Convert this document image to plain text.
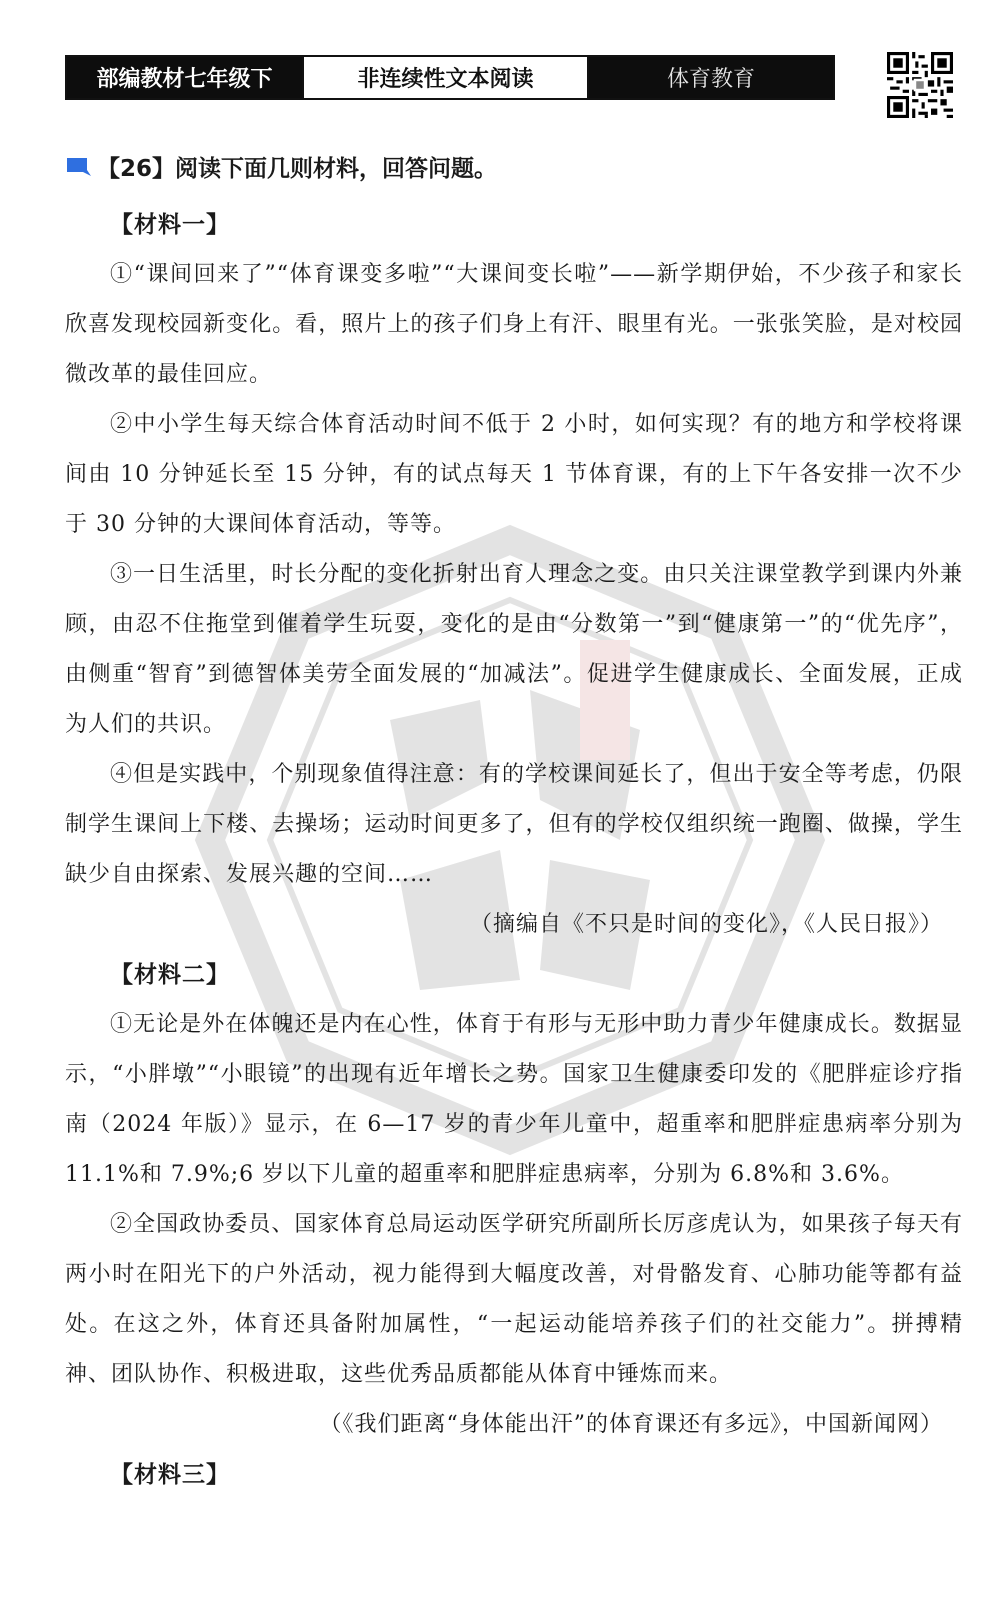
部编教材七年级下	非连续性文本阅读	体育教育
【26】阅读下面几则材料，回答问题。
【材料一】
①“课间回来了”“体育课变多啦”“大课间变长啦”——新学期伊始，不少孩子和家长欣喜发现校园新变化。看，照片上的孩子们身上有汗、眼里有光。一张张笑脸，是对校园微改革的最佳回应。
②中小学生每天综合体育活动时间不低于 2 小时，如何实现？有的地方和学校将课间由 10 分钟延长至 15 分钟，有的试点每天 1 节体育课，有的上下午各安排一次不少于 30 分钟的大课间体育活动，等等。
③一日生活里，时长分配的变化折射出育人理念之变。由只关注课堂教学到课内外兼顾，由忍不住拖堂到催着学生玩耍，变化的是由“分数第一”到“健康第一”的“优先序”，由侧重“智育”到德智体美劳全面发展的“加减法”。促进学生健康成长、全面发展，正成为人们的共识。
④但是实践中，个别现象值得注意：有的学校课间延长了，但出于安全等考虑，仍限制学生课间上下楼、去操场；运动时间更多了，但有的学校仅组织统一跑圈、做操，学生缺少自由探索、发展兴趣的空间……
（摘编自《不只是时间的变化》，《人民日报》）
【材料二】
①无论是外在体魄还是内在心性，体育于有形与无形中助力青少年健康成长。数据显示，“小胖墩”“小眼镜”的出现有近年增长之势。国家卫生健康委印发的《肥胖症诊疗指南（2024 年版）》显示，在 6—17 岁的青少年儿童中，超重率和肥胖症患病率分别为 11.1%和 7.9%;6 岁以下儿童的超重率和肥胖症患病率，分别为 6.8%和 3.6%。
②全国政协委员、国家体育总局运动医学研究所副所长厉彦虎认为，如果孩子每天有两小时在阳光下的户外活动，视力能得到大幅度改善，对骨骼发育、心肺功能等都有益处。在这之外，体育还具备附加属性，“一起运动能培养孩子们的社交能力”。拼搏精神、团队协作、积极进取，这些优秀品质都能从体育中锤炼而来。
（《我们距离“身体能出汗”的体育课还有多远》，中国新闻网）
【材料三】
